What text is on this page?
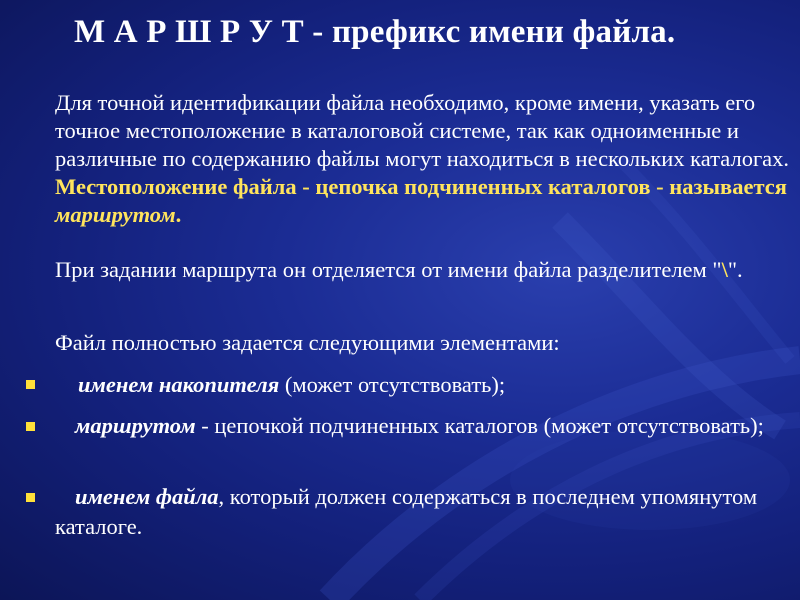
М А Р Ш Р У Т - префикс имени файла.
Для точной идентификации файла необходимо, кроме имени, указать его точное местоположение в каталоговой системе, так как одноименные и различные по содержанию файлы могут находиться в нескольких каталогах. Местоположение файла - цепочка подчиненных каталогов - называется маршрутом.
При задании маршрута он отделяется от имени файла разделителем "\".
Файл полностью задается следующими элементами:
именем накопителя (может отсутствовать);
маршрутом - цепочкой подчиненных каталогов (может отсутствовать);
именем файла, который должен содержаться в последнем упомянутом каталоге.
